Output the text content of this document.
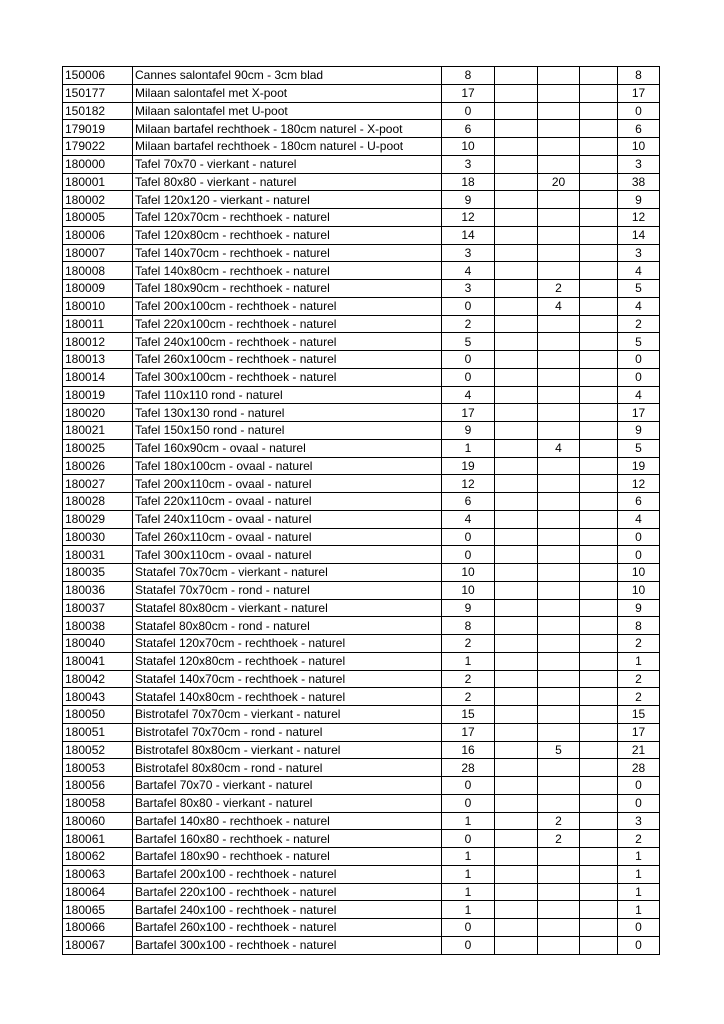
150006	Cannes salontafel 90cm - 3cm blad	8				8
150177	Milaan salontafel met X-poot	17				17
150182	Milaan salontafel met U-poot	0				0
179019	Milaan bartafel rechthoek - 180cm naturel - X-poot	6				6
179022	Milaan bartafel rechthoek - 180cm naturel - U-poot	10				10
180000	Tafel 70x70 - vierkant - naturel	3				3
180001	Tafel 80x80 - vierkant - naturel	18		20		38
180002	Tafel 120x120 - vierkant - naturel	9				9
180005	Tafel 120x70cm - rechthoek - naturel	12				12
180006	Tafel 120x80cm - rechthoek - naturel	14				14
180007	Tafel 140x70cm - rechthoek - naturel	3				3
180008	Tafel 140x80cm - rechthoek - naturel	4				4
180009	Tafel 180x90cm - rechthoek - naturel	3		2		5
180010	Tafel 200x100cm - rechthoek - naturel	0		4		4
180011	Tafel 220x100cm - rechthoek - naturel	2				2
180012	Tafel 240x100cm - rechthoek - naturel	5				5
180013	Tafel 260x100cm - rechthoek - naturel	0				0
180014	Tafel 300x100cm - rechthoek - naturel	0				0
180019	Tafel 110x110 rond - naturel	4				4
180020	Tafel 130x130 rond - naturel	17				17
180021	Tafel 150x150 rond - naturel	9				9
180025	Tafel 160x90cm - ovaal - naturel	1		4		5
180026	Tafel 180x100cm - ovaal - naturel	19				19
180027	Tafel 200x110cm - ovaal - naturel	12				12
180028	Tafel 220x110cm - ovaal - naturel	6				6
180029	Tafel 240x110cm - ovaal - naturel	4				4
180030	Tafel 260x110cm - ovaal - naturel	0				0
180031	Tafel 300x110cm - ovaal - naturel	0				0
180035	Statafel 70x70cm - vierkant - naturel	10				10
180036	Statafel 70x70cm - rond - naturel	10				10
180037	Statafel 80x80cm - vierkant - naturel	9				9
180038	Statafel 80x80cm - rond - naturel	8				8
180040	Statafel 120x70cm - rechthoek - naturel	2				2
180041	Statafel 120x80cm - rechthoek - naturel	1				1
180042	Statafel 140x70cm - rechthoek - naturel	2				2
180043	Statafel 140x80cm - rechthoek - naturel	2				2
180050	Bistrotafel 70x70cm - vierkant - naturel	15				15
180051	Bistrotafel 70x70cm - rond - naturel	17				17
180052	Bistrotafel 80x80cm - vierkant - naturel	16		5		21
180053	Bistrotafel 80x80cm - rond - naturel	28				28
180056	Bartafel 70x70 - vierkant - naturel	0				0
180058	Bartafel 80x80 - vierkant - naturel	0				0
180060	Bartafel 140x80 - rechthoek - naturel	1		2		3
180061	Bartafel 160x80 - rechthoek - naturel	0		2		2
180062	Bartafel 180x90 - rechthoek - naturel	1				1
180063	Bartafel 200x100 - rechthoek - naturel	1				1
180064	Bartafel 220x100 - rechthoek - naturel	1				1
180065	Bartafel 240x100 - rechthoek - naturel	1				1
180066	Bartafel 260x100 - rechthoek - naturel	0				0
180067	Bartafel 300x100 - rechthoek - naturel	0				0
